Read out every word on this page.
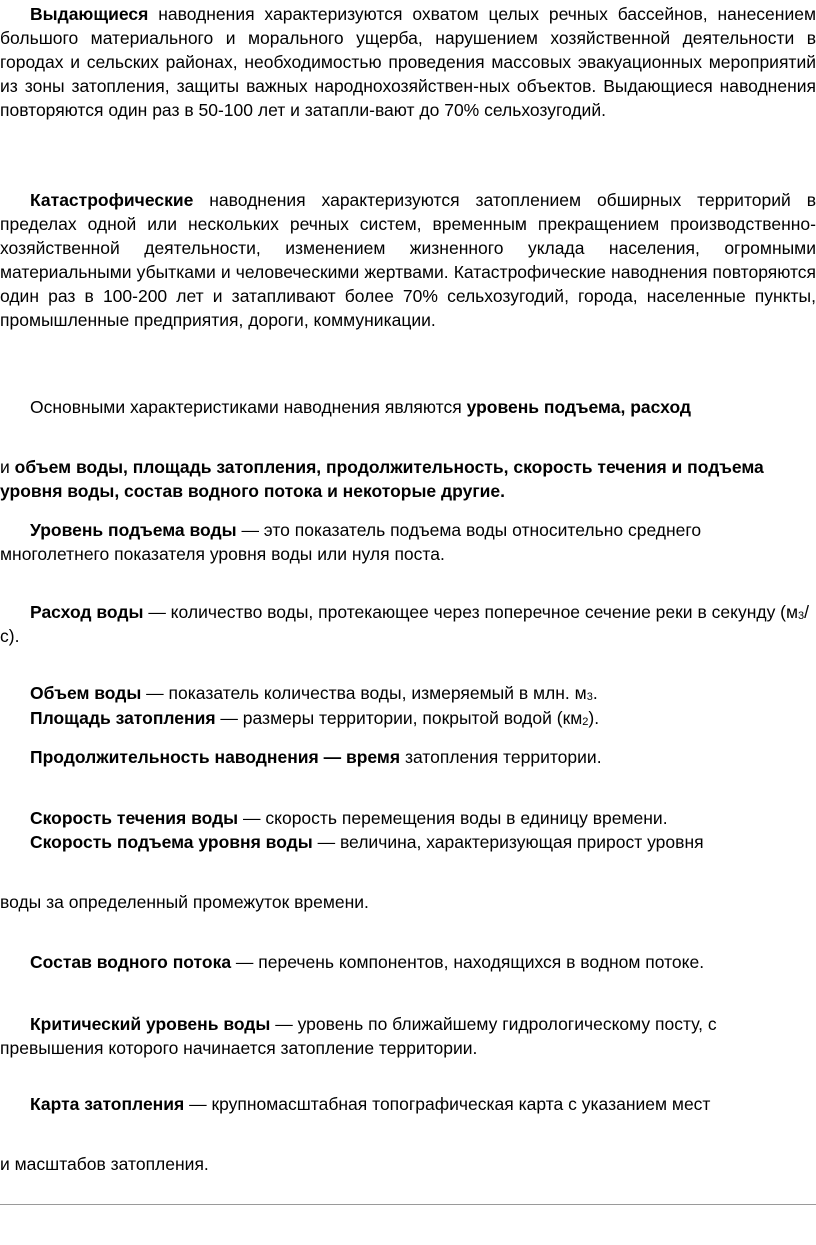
Выдающиеся наводнения характеризуются охватом целых речных бассейнов, нанесением большого материального и морального ущерба, нарушением хозяйственной деятельности в городах и сельских районах, необходимостью проведения массовых эвакуационных мероприятий из зоны затопления, защиты важных народнохозяйствен-ных объектов. Выдающиеся наводнения повторяются один раз в 50-100 лет и затапли-вают до 70% сельхозугодий.

Катастрофические наводнения характеризуются затоплением обширных территорий в пределах одной или нескольких речных систем, временным прекращением производственно-хозяйственной деятельности, изменением жизненного уклада населения, огромными материальными убытками и человеческими жертвами. Катастрофические наводнения повторяются один раз в 100-200 лет и затапливают более 70% сельхозугодий, города, населенные пункты, промышленные предприятия, дороги, коммуникации.

Основными характеристиками наводнения являются уровень подъема, расход

и объем воды, площадь затопления, продолжительность, скорость течения и подъема уровня воды, состав водного потока и некоторые другие.

Уровень подъема воды — это показатель подъема воды относительно среднего многолетнего показателя уровня воды или нуля поста.

Расход воды — количество воды, протекающее через поперечное сечение реки в секунду $(м_3/с)$.

Объем воды — показатель количества воды, измеряемый в млн. $м_3$.

Площадь затопления — размеры территории, покрытой водой $(км_2)$.

Продолжительность наводнения — время затопления территории.

Скорость течения воды — скорость перемещения воды в единицу времени.

Скорость подъема уровня воды — величина, характеризующая прирост уровня

воды за определенный промежуток времени.

Состав водного потока — перечень компонентов, находящихся в водном потоке.

Критический уровень воды — уровень по ближайшему гидрологическому посту, с превышения которого начинается затопление территории.

Карта затопления — крупномасштабная топографическая карта с указанием мест

и масштабов затопления.
